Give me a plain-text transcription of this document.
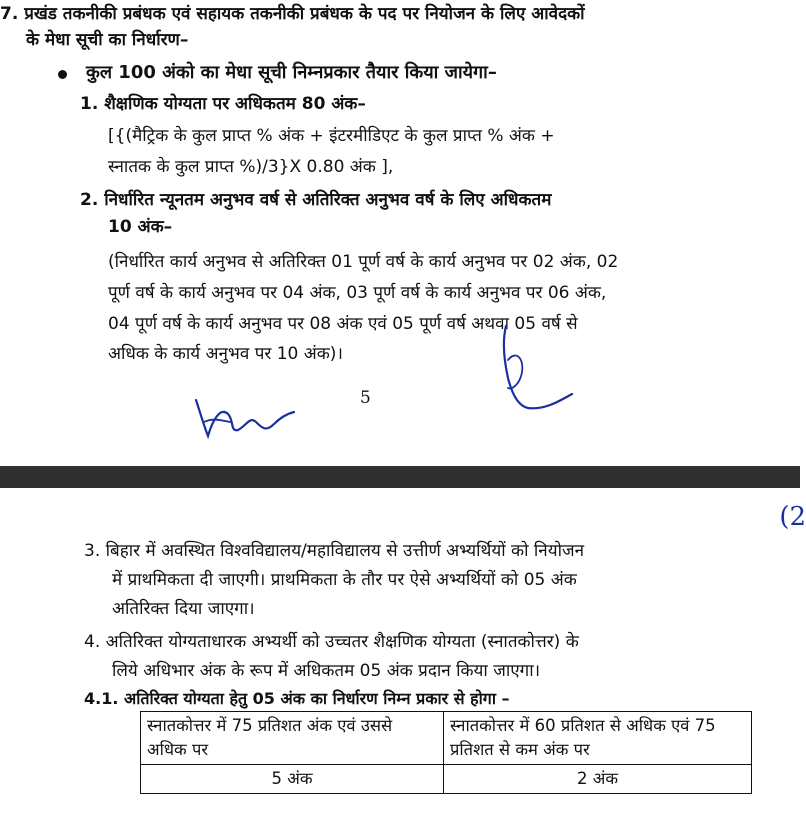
7. प्रखंड तकनीकी प्रबंधक एवं सहायक तकनीकी प्रबंधक के पद पर नियोजन के लिए आवेदकों
के मेधा सूची का निर्धारण–
कुल 100 अंको का मेधा सूची निम्नप्रकार तैयार किया जायेगा–
1. शैक्षणिक योग्यता पर अधिकतम 80 अंक–
[{(मैट्रिक के कुल प्राप्त % अंक + इंटरमीडिएट के कुल प्राप्त % अंक +
स्नातक के कुल प्राप्त %)/3}X 0.80 अंक ],
2. निर्धारित न्यूनतम अनुभव वर्ष से अतिरिक्त अनुभव वर्ष के लिए अधिकतम
10 अंक–
(निर्धारित कार्य अनुभव से अतिरिक्त 01 पूर्ण वर्ष के कार्य अनुभव पर 02 अंक, 02
पूर्ण वर्ष के कार्य अनुभव पर 04 अंक, 03 पूर्ण वर्ष के कार्य अनुभव पर 06 अंक,
04 पूर्ण वर्ष के कार्य अनुभव पर 08 अंक एवं 05 पूर्ण वर्ष अथवा 05 वर्ष से
अधिक के कार्य अनुभव पर 10 अंक)।
5
(2
3. बिहार में अवस्थित विश्वविद्यालय/महाविद्यालय से उत्तीर्ण अभ्यर्थियों को नियोजन
में प्राथमिकता दी जाएगी। प्राथमिकता के तौर पर ऐसे अभ्यर्थियों को 05 अंक
अतिरिक्त दिया जाएगा।
4. अतिरिक्त योग्यताधारक अभ्यर्थी को उच्चतर शैक्षणिक योग्यता (स्नातकोत्तर) के
लिये अधिभार अंक के रूप में अधिकतम 05 अंक प्रदान किया जाएगा।
4.1. अतिरिक्त योग्यता हेतु 05 अंक का निर्धारण निम्न प्रकार से होगा –
स्नातकोत्तर में 75 प्रतिशत अंक एवं उससे अधिक पर	स्नातकोत्तर में 60 प्रतिशत से अधिक एवं 75 प्रतिशत से कम अंक पर
5 अंक	2 अंक
